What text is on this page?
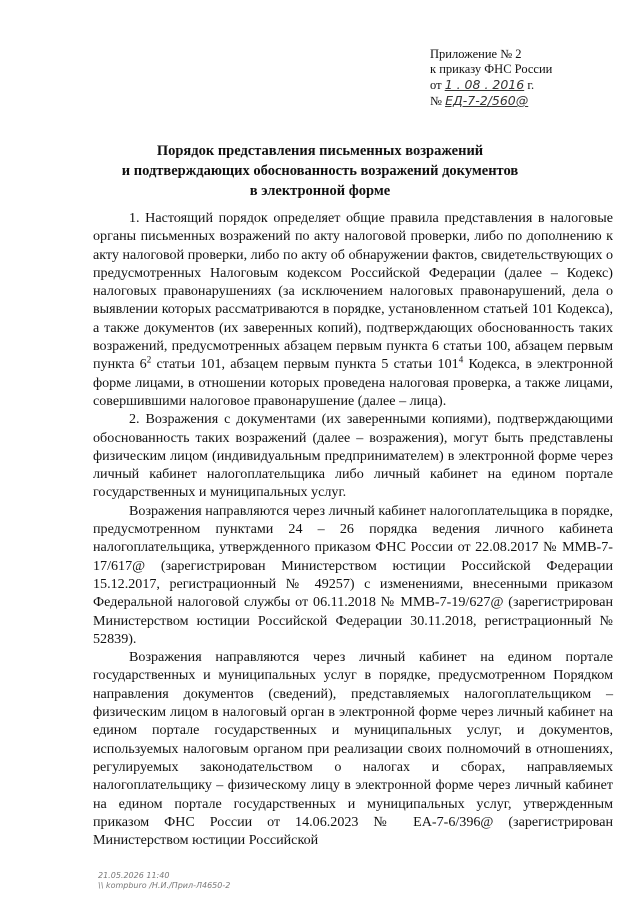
Приложение № 2
к приказу ФНС России
от 1 . 08 . 2016 г.
№ ЕД-7-2/560@
Порядок представления письменных возражений
и подтверждающих обоснованность возражений документов
в электронной форме

1. Настоящий порядок определяет общие правила представления в налоговые органы письменных возражений по акту налоговой проверки, либо по дополнению к акту налоговой проверки, либо по акту об обнаружении фактов, свидетельствующих о предусмотренных Налоговым кодексом Российской Федерации (далее – Кодекс) налоговых правонарушениях (за исключением налоговых правонарушений, дела о выявлении которых рассматриваются в порядке, установленном статьей 101 Кодекса), а также документов (их заверенных копий), подтверждающих обоснованность таких возражений, предусмотренных абзацем первым пункта 6 статьи 100, абзацем первым пункта $6^2$ статьи 101, абзацем первым пункта 5 статьи $101^4$ Кодекса, в электронной форме лицами, в отношении которых проведена налоговая проверка, а также лицами, совершившими налоговое правонарушение (далее – лица).

2. Возражения с документами (их заверенными копиями), подтверждающими обоснованность таких возражений (далее – возражения), могут быть представлены физическим лицом (индивидуальным предпринимателем) в электронной форме через личный кабинет налогоплательщика либо личный кабинет на едином портале государственных и муниципальных услуг.

Возражения направляются через личный кабинет налогоплательщика в порядке, предусмотренном пунктами 24 – 26 порядка ведения личного кабинета налогоплательщика, утвержденного приказом ФНС России от 22.08.2017 № ММВ-7-17/617@ (зарегистрирован Министерством юстиции Российской Федерации 15.12.2017, регистрационный № 49257) с изменениями, внесенными приказом Федеральной налоговой службы от 06.11.2018 № ММВ-7-19/627@ (зарегистрирован Министерством юстиции Российской Федерации 30.11.2018, регистрационный № 52839).

Возражения направляются через личный кабинет на едином портале государственных и муниципальных услуг в порядке, предусмотренном Порядком направления документов (сведений), представляемых налогоплательщиком – физическим лицом в налоговый орган в электронной форме через личный кабинет на едином портале государственных и муниципальных услуг, и документов, используемых налоговым органом при реализации своих полномочий в отношениях, регулируемых законодательством о налогах и сборах, направляемых налогоплательщику – физическому лицу в электронной форме через личный кабинет на едином портале государственных и муниципальных услуг, утвержденным приказом ФНС России от 14.06.2023 № ЕА-7-6/396@ (зарегистрирован Министерством юстиции Российской

21.05.2026 11:40
\\ kompburo /Н.И./Прил-Л4650-2
